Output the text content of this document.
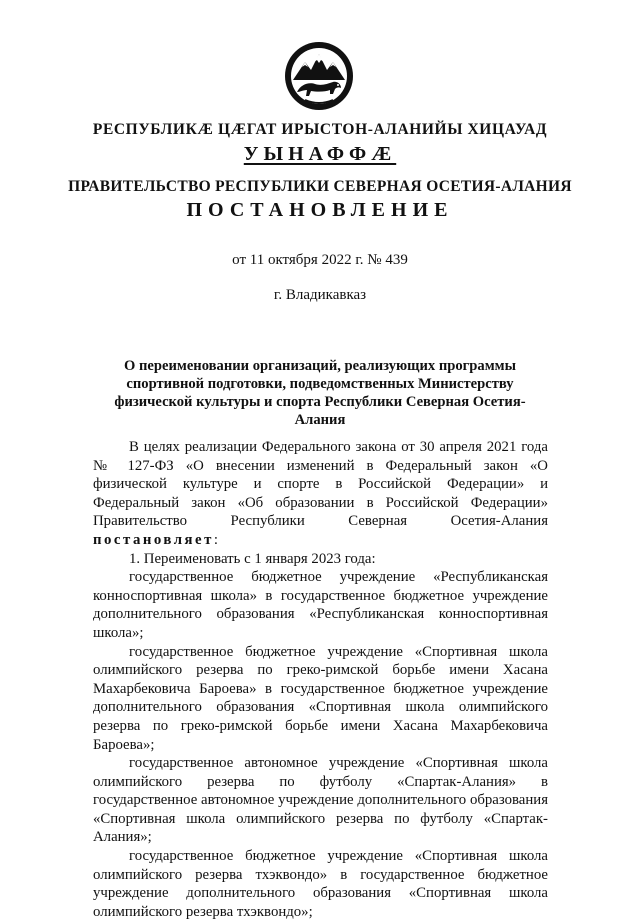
РЕСПУБЛИКӔ ЦӔГАТ ИРЫСТОН-АЛАНИЙЫ ХИЦАУАД
УЫНАФФӔ
ПРАВИТЕЛЬСТВО РЕСПУБЛИКИ СЕВЕРНАЯ ОСЕТИЯ-АЛАНИЯ
ПОСТАНОВЛЕНИЕ
от 11 октября 2022 г. № 439
г. Владикавказ
О переименовании организаций, реализующих программы спортивной подготовки, подведомственных Министерству физической культуры и спорта Республики Северная Осетия-Алания

В целях реализации Федерального закона от 30 апреля 2021 года № 127-ФЗ «О внесении изменений в Федеральный закон «О физической культуре и спорте в Российской Федерации» и Федеральный закон «Об образовании в Российской Федерации» Правительство Республики Северная Осетия-Алания постановляет:

1. Переименовать с 1 января 2023 года:

государственное бюджетное учреждение «Республиканская конноспортивная школа» в государственное бюджетное учреждение дополнительного образования «Республиканская конноспортивная школа»;

государственное бюджетное учреждение «Спортивная школа олимпийского резерва по греко-римской борьбе имени Хасана Махарбековича Бароева» в государственное бюджетное учреждение дополнительного образования «Спортивная школа олимпийского резерва по греко-римской борьбе имени Хасана Махарбековича Бароева»;

государственное автономное учреждение «Спортивная школа олимпийского резерва по футболу «Спартак-Алания» в государственное автономное учреждение дополнительного образования «Спортивная школа олимпийского резерва по футболу «Спартак-Алания»;

государственное бюджетное учреждение «Спортивная школа олимпийского резерва тхэквондо» в государственное бюджетное учреждение дополнительного образования «Спортивная школа олимпийского резерва тхэквондо»;
